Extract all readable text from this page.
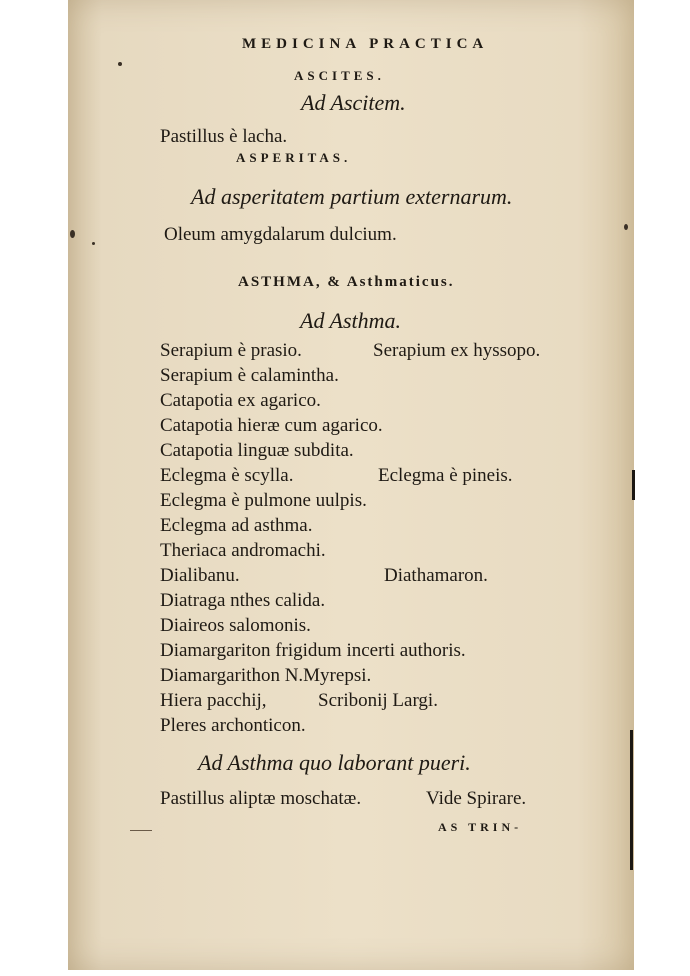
MEDICINA PRACTICA
ASCITES.
Ad Ascitem.
Pastillus è lacha.
ASPERITAS.
Ad asperitatem partium externarum.
Oleum amygdalarum dulcium.
ASTHMA, & Asthmaticus.
Ad Asthma.
Serapium è prasio.	Serapium ex hyssopo.
Serapium è calamintha.
Catapotia ex agarico.
Catapotia hieræ cum agarico.
Catapotia linguæ subdita.
Eclegma è scylla.	Eclegma è pineis.
Eclegma è pulmone uulpis.
Eclegma ad asthma.
Theriaca andromachi.
Dialibanu.	Diathamaron.
Diatraga nthes calida.
Diaireos salomonis.
Diamargariton frigidum incerti authoris.
Diamargarithon N.Myrepsi.
Hiera pacchij,	Scribonij Largi.
Pleres archonticon.
Ad Asthma quo laborant pueri.
Pastillus aliptæ moschatæ.	Vide Spirare.
AS TRIN-
